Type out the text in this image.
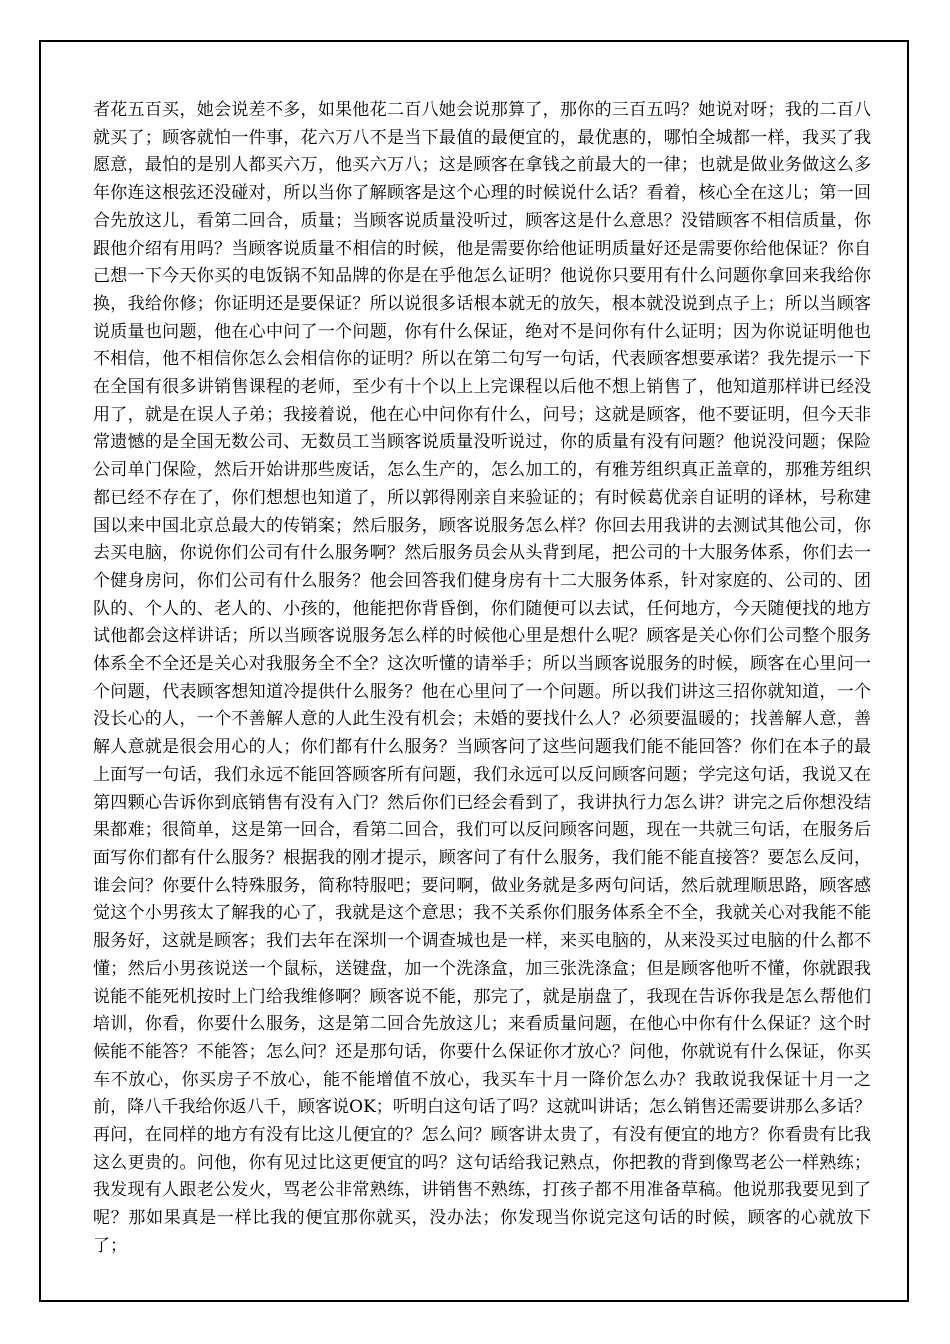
者花五百买，她会说差不多，如果他花二百八她会说那算了，那你的三百五吗？她说对呀；我的二百八就买了；顾客就怕一件事，花六万八不是当下最值的最便宜的，最优惠的，哪怕全城都一样，我买了我愿意，最怕的是别人都买六万，他买六万八；这是顾客在拿钱之前最大的一律；也就是做业务做这么多年你连这根弦还没碰对，所以当你了解顾客是这个心理的时候说什么话？看着，核心全在这儿；第一回合先放这儿，看第二回合，质量；当顾客说质量没听过，顾客这是什么意思？没错顾客不相信质量，你跟他介绍有用吗？当顾客说质量不相信的时候，他是需要你给他证明质量好还是需要你给他保证？你自己想一下今天你买的电饭锅不知品牌的你是在乎他怎么证明？他说你只要用有什么问题你拿回来我给你换，我给你修；你证明还是要保证？所以说很多话根本就无的放矢，根本就没说到点子上；所以当顾客说质量也问题，他在心中问了一个问题，你有什么保证，绝对不是问你有什么证明；因为你说证明他也不相信，他不相信你怎么会相信你的证明？所以在第二句写一句话，代表顾客想要承诺？我先提示一下在全国有很多讲销售课程的老师，至少有十个以上上完课程以后他不想上销售了，他知道那样讲已经没用了，就是在误人子弟；我接着说，他在心中问你有什么，问号；这就是顾客，他不要证明，但今天非常遗憾的是全国无数公司、无数员工当顾客说质量没听说过，你的质量有没有问题？他说没问题；保险公司单门保险，然后开始讲那些废话，怎么生产的，怎么加工的，有雅芳组织真正盖章的，那雅芳组织都已经不存在了，你们想想也知道了，所以郭得刚亲自来验证的；有时候葛优亲自证明的译林，号称建国以来中国北京总最大的传销案；然后服务，顾客说服务怎么样？你回去用我讲的去测试其他公司，你去买电脑，你说你们公司有什么服务啊？然后服务员会从头背到尾，把公司的十大服务体系，你们去一个健身房问，你们公司有什么服务？他会回答我们健身房有十二大服务体系，针对家庭的、公司的、团队的、个人的、老人的、小孩的，他能把你背昏倒，你们随便可以去试，任何地方，今天随便找的地方试他都会这样讲话；所以当顾客说服务怎么样的时候他心里是想什么呢？顾客是关心你们公司整个服务体系全不全还是关心对我服务全不全？这次听懂的请举手；所以当顾客说服务的时候，顾客在心里问一个问题，代表顾客想知道冷提供什么服务？他在心里问了一个问题。所以我们讲这三招你就知道，一个没长心的人，一个不善解人意的人此生没有机会；未婚的要找什么人？必须要温暖的；找善解人意，善解人意就是很会用心的人；你们都有什么服务？当顾客问了这些问题我们能不能回答？你们在本子的最上面写一句话，我们永远不能回答顾客所有问题，我们永远可以反问顾客问题；学完这句话，我说又在第四颗心告诉你到底销售有没有入门？然后你们已经会看到了，我讲执行力怎么讲？讲完之后你想没结果都难；很简单，这是第一回合，看第二回合，我们可以反问顾客问题，现在一共就三句话，在服务后面写你们都有什么服务？根据我的刚才提示，顾客问了有什么服务，我们能不能直接答？要怎么反问，谁会问？你要什么特殊服务，简称特服吧；要问啊，做业务就是多两句问话，然后就理顺思路，顾客感觉这个小男孩太了解我的心了，我就是这个意思；我不关系你们服务体系全不全，我就关心对我能不能服务好，这就是顾客；我们去年在深圳一个调查城也是一样，来买电脑的，从来没买过电脑的什么都不懂；然后小男孩说送一个鼠标，送键盘，加一个洗涤盒，加三张洗涤盒；但是顾客他听不懂，你就跟我说能不能死机按时上门给我维修啊？顾客说不能，那完了，就是崩盘了，我现在告诉你我是怎么帮他们培训，你看，你要什么服务，这是第二回合先放这儿；来看质量问题，在他心中你有什么保证？这个时候能不能答？不能答；怎么问？还是那句话，你要什么保证你才放心？问他，你就说有什么保证，你买车不放心，你买房子不放心，能不能增值不放心，我买车十月一降价怎么办？我敢说我保证十月一之前，降八千我给你返八千，顾客说OK；听明白这句话了吗？这就叫讲话；怎么销售还需要讲那么多话？再问，在同样的地方有没有比这儿便宜的？怎么问？顾客讲太贵了，有没有便宜的地方？你看贵有比我这么更贵的。问他，你有见过比这更便宜的吗？这句话给我记熟点，你把教的背到像骂老公一样熟练；我发现有人跟老公发火，骂老公非常熟练，讲销售不熟练，打孩子都不用准备草稿。他说那我要见到了呢？那如果真是一样比我的便宜那你就买，没办法；你发现当你说完这句话的时候，顾客的心就放下了；
